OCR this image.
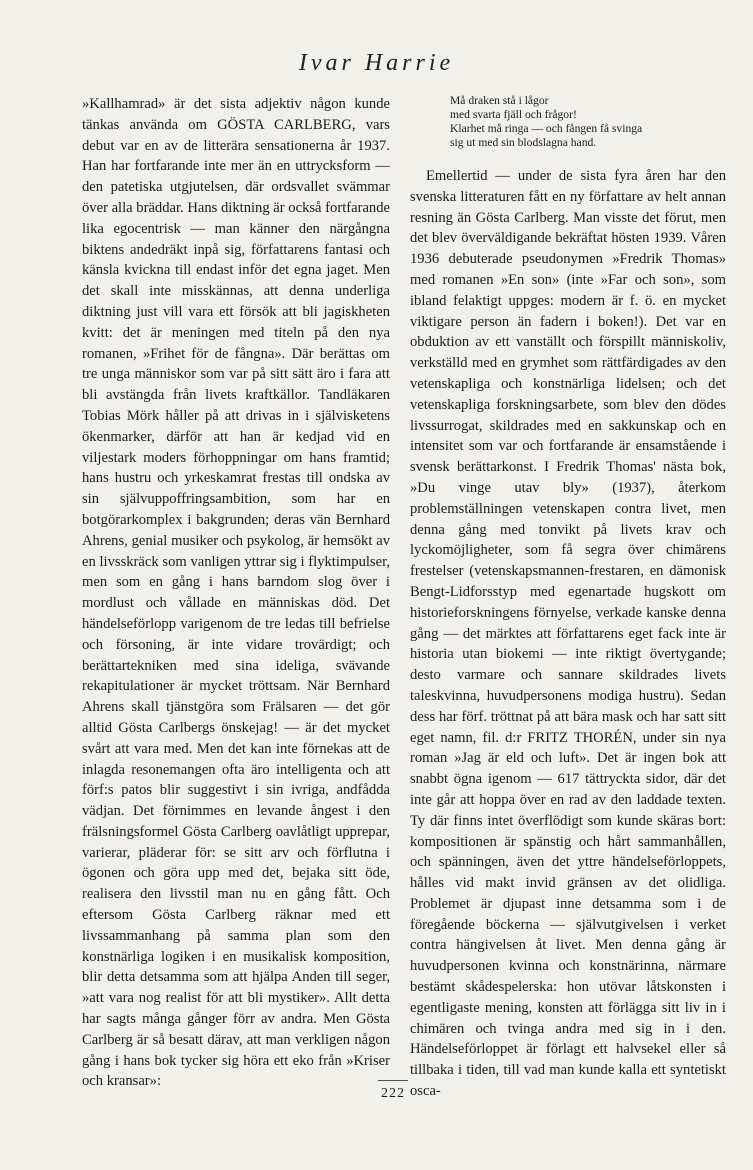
Ivar Harrie

»Kallhamrad» är det sista adjektiv någon kunde tänkas använda om GÖSTA CARLBERG, vars debut var en av de litterära sensationerna år 1937. Han har fortfarande inte mer än en uttrycksform — den patetiska utgjutelsen, där ordsvallet svämmar över alla bräddar. Hans diktning är också fortfarande lika egocentrisk — man känner den närgångna biktens andedräkt inpå sig, författarens fantasi och känsla kvickna till endast inför det egna jaget. Men det skall inte misskännas, att denna underliga diktning just vill vara ett försök att bli jagiskheten kvitt: det är meningen med titeln på den nya romanen, »Frihet för de fångna». Där berättas om tre unga människor som var på sitt sätt äro i fara att bli avstängda från livets kraftkällor. Tandläkaren Tobias Mörk håller på att drivas in i självisketens ökenmarker, därför att han är kedjad vid en viljestark moders förhoppningar om hans framtid; hans hustru och yrkeskamrat frestas till ondska av sin självuppoffringsambition, som har en botgörarkomplex i bakgrunden; deras vän Bernhard Ahrens, genial musiker och psykolog, är hemsökt av en livsskräck som vanligen yttrar sig i flyktimpulser, men som en gång i hans barndom slog över i mordlust och vållade en människas död. Det händelseförlopp varigenom de tre ledas till befrielse och försoning, är inte vidare trovärdigt; och berättartekniken med sina ideliga, svävande rekapitulationer är mycket tröttsam. När Bernhard Ahrens skall tjänstgöra som Frälsaren — det gör alltid Gösta Carlbergs önskejag! — är det mycket svårt att vara med. Men det kan inte förnekas att de inlagda resonemangen ofta äro intelligenta och att förf:s patos blir suggestivt i sin ivriga, andfådda vädjan. Det förnimmes en levande ångest i den frälsningsformel Gösta Carlberg oavlåtligt upprepar, varierar, pläderar för: se sitt arv och förflutna i ögonen och göra upp med det, bejaka sitt öde, realisera den livsstil man nu en gång fått. Och eftersom Gösta Carlberg räknar med ett livssammanhang på samma plan som den konstnärliga logiken i en musikalisk komposition, blir detta detsamma som att hjälpa Anden till seger, »att vara nog realist för att bli mystiker». Allt detta har sagts många gånger förr av andra. Men Gösta Carlberg är så besatt därav, att man verkligen någon gång i hans bok tycker sig höra ett eko från »Kriser och kransar»:

Må draken stå i lågor
med svarta fjäll och frågor!
Klarhet må ringa — och fången få svinga
sig ut med sin blodslagna hand.

Emellertid — under de sista fyra åren har den svenska litteraturen fått en ny författare av helt annan resning än Gösta Carlberg. Man visste det förut, men det blev överväldigande bekräftat hösten 1939. Våren 1936 debuterade pseudonymen »Fredrik Thomas» med romanen »En son» (inte »Far och son», som ibland felaktigt uppges: modern är f. ö. en mycket viktigare person än fadern i boken!). Det var en obduktion av ett vanställt och förspillt människoliv, verkställd med en grymhet som rättfärdigades av den vetenskapliga och konstnärliga lidelsen; och det vetenskapliga forskningsarbete, som blev den dödes livssurrogat, skildrades med en sakkunskap och en intensitet som var och fortfarande är ensamstående i svensk berättarkonst. I Fredrik Thomas' nästa bok, »Du vinge utav bly» (1937), återkom problemställningen vetenskapen contra livet, men denna gång med tonvikt på livets krav och lyckomöjligheter, som få segra över chimärens frestelser (vetenskapsmannen-frestaren, en dämonisk Bengt-Lidforsstyp med egenartade hugskott om historieforskningens förnyelse, verkade kanske denna gång — det märktes att författarens eget fack inte är historia utan biokemi — inte riktigt övertygande; desto varmare och sannare skildrades livets taleskvinna, huvudpersonens modiga hustru). Sedan dess har förf. tröttnat på att bära mask och har satt sitt eget namn, fil. d:r FRITZ THORÉN, under sin nya roman »Jag är eld och luft». Det är ingen bok att snabbt ögna igenom — 617 tättryckta sidor, där det inte går att hoppa över en rad av den laddade texten. Ty där finns intet överflödigt som kunde skäras bort: kompositionen är spänstig och hårt sammanhållen, och spänningen, även det yttre händelseförloppets, hålles vid makt invid gränsen av det olidliga. Problemet är djupast inne detsamma som i de föregående böckerna — självutgivelsen i verket contra hängivelsen åt livet. Men denna gång är huvudpersonen kvinna och konstnärinna, närmare bestämt skådespelerska: hon utövar låtskonsten i egentligaste mening, konsten att förlägga sitt liv in i chimären och tvinga andra med sig in i den. Händelseförloppet är förlagt ett halvsekel eller så tillbaka i tiden, till vad man kunde kalla ett syntetiskt osca-

222
